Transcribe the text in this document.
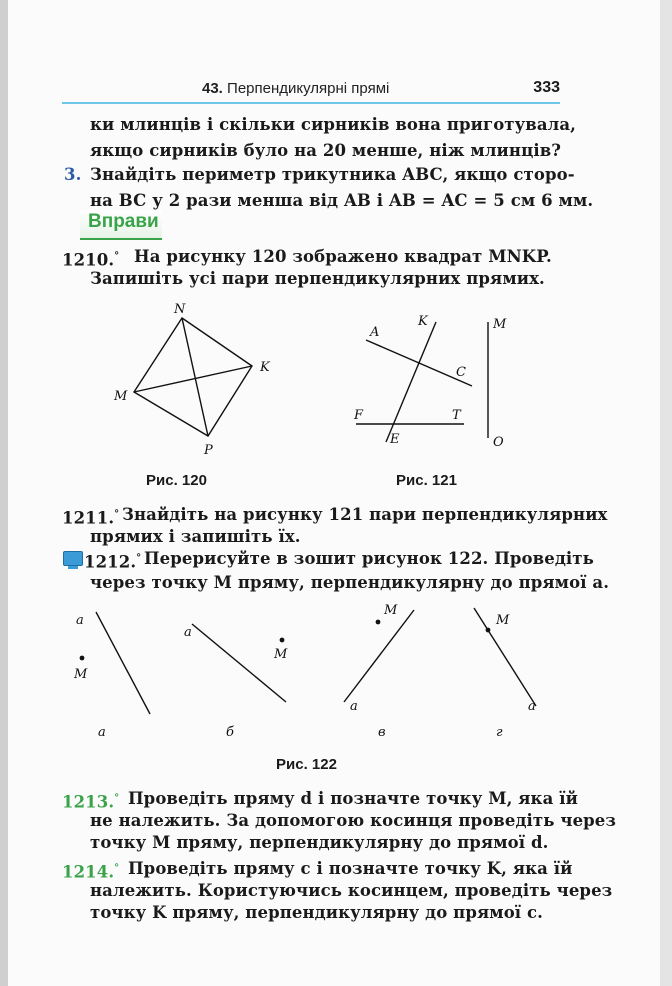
43. Перпендикулярні прямі	333
ки млинців і скільки сирників вона приготувала,
якщо сирників було на 20 менше, ніж млинців?
3. Знайдіть периметр трикутника ABC, якщо сторо-
на BC у 2 рази менша від AB і AB = AC = 5 см 6 мм.
Вправи
1210.° На рисунку 120 зображено квадрат MNKP.
Запишіть усі пари перпендикулярних прямих.
N
K
M
P
Рис. 120
A
K
C
F	T
E
M
O
Рис. 121
1211.° Знайдіть на рисунку 121 пари перпендикулярних
прямих і запишіть їх.
1212.° Перерисуйте в зошит рисунок 122. Проведіть
через точку M пряму, перпендикулярну до прямої a.
a
M
а
a
M
б
M
a
в
M
a
г
Рис. 122
1213.° Проведіть пряму d і позначте точку M, яка їй
не належить. За допомогою косинця проведіть через
точку M пряму, перпендикулярну до прямої d.
1214.° Проведіть пряму c і позначте точку K, яка їй
належить. Користуючись косинцем, проведіть через
точку K пряму, перпендикулярну до прямої c.
